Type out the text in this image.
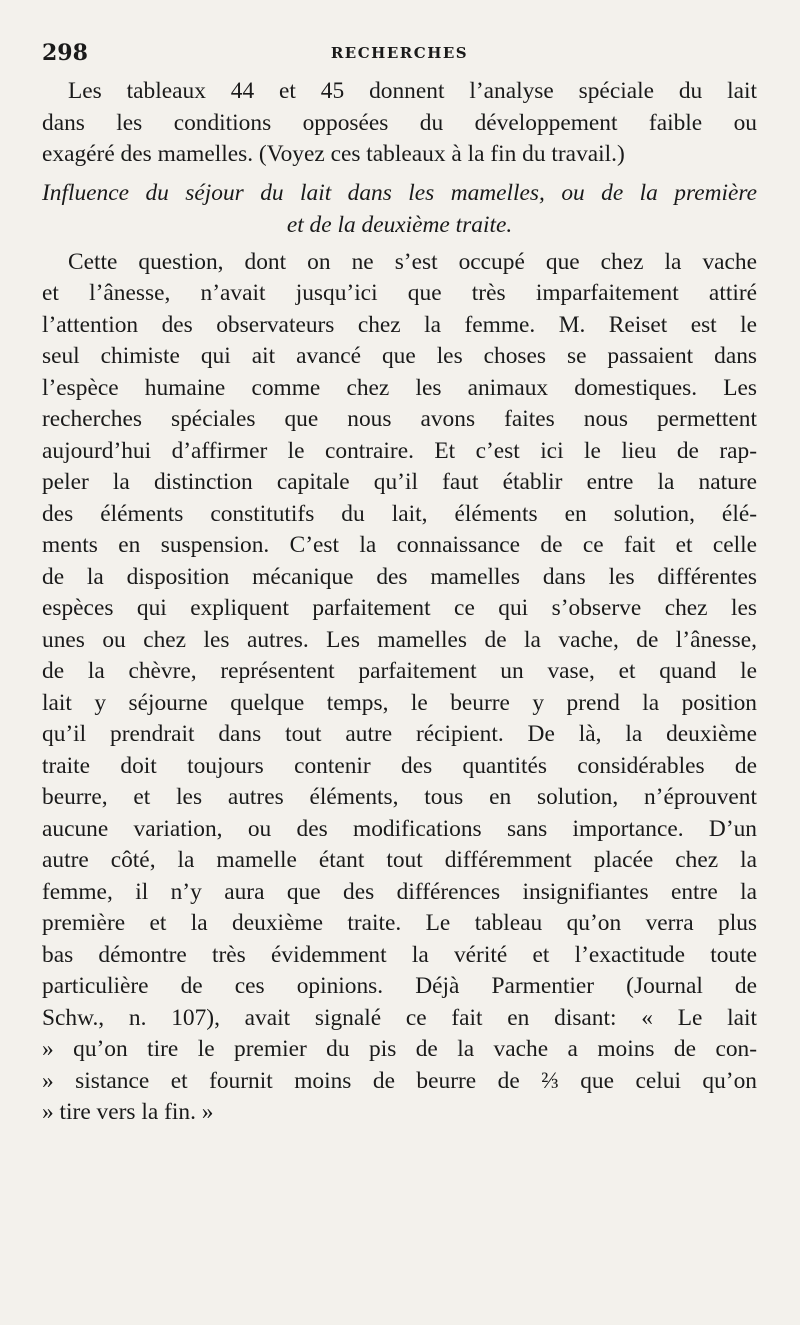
298	RECHERCHES

Les tableaux 44 et 45 donnent l’analyse spéciale du lait
dans les conditions opposées du développement faible ou
exagéré des mamelles. (Voyez ces tableaux à la fin du travail.)

Influence du séjour du lait dans les mamelles, ou de la première
et de la deuxième traite.

Cette question, dont on ne s’est occupé que chez la vache
et l’ânesse, n’avait jusqu’ici que très imparfaitement attiré
l’attention des observateurs chez la femme. M. Reiset est le
seul chimiste qui ait avancé que les choses se passaient dans
l’espèce humaine comme chez les animaux domestiques. Les
recherches spéciales que nous avons faites nous permettent
aujourd’hui d’affirmer le contraire. Et c’est ici le lieu de rap-
peler la distinction capitale qu’il faut établir entre la nature
des éléments constitutifs du lait, éléments en solution, élé-
ments en suspension. C’est la connaissance de ce fait et celle
de la disposition mécanique des mamelles dans les différentes
espèces qui expliquent parfaitement ce qui s’observe chez les
unes ou chez les autres. Les mamelles de la vache, de l’ânesse,
de la chèvre, représentent parfaitement un vase, et quand le
lait y séjourne quelque temps, le beurre y prend la position
qu’il prendrait dans tout autre récipient. De là, la deuxième
traite doit toujours contenir des quantités considérables de
beurre, et les autres éléments, tous en solution, n’éprouvent
aucune variation, ou des modifications sans importance. D’un
autre côté, la mamelle étant tout différemment placée chez la
femme, il n’y aura que des différences insignifiantes entre la
première et la deuxième traite. Le tableau qu’on verra plus
bas démontre très évidemment la vérité et l’exactitude toute
particulière de ces opinions. Déjà Parmentier (Journal de
Schw., n. 107), avait signalé ce fait en disant: « Le lait
» qu’on tire le premier du pis de la vache a moins de con-
» sistance et fournit moins de beurre de ⅔ que celui qu’on
» tire vers la fin. »
